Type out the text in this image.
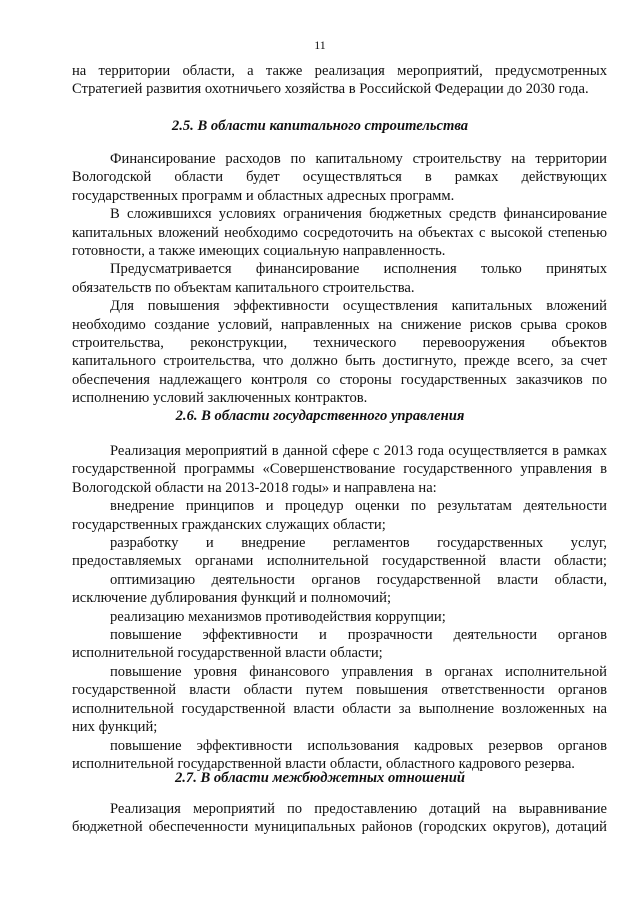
11
на территории области, а также реализация мероприятий, предусмотренных
Стратегией развития охотничьего хозяйства в Российской Федерации до 2030 года.
2.5. В области капитального строительства
Финансирование расходов по капитальному строительству на территории
Вологодской области будет осуществляться в рамках действующих
государственных программ и областных адресных программ.
В сложившихся условиях ограничения бюджетных средств финансирование
капитальных вложений необходимо сосредоточить на объектах с высокой степенью
готовности, а также имеющих социальную направленность.
Предусматривается финансирование исполнения только принятых
обязательств по объектам капитального строительства.
Для повышения эффективности осуществления капитальных вложений
необходимо создание условий, направленных на снижение рисков срыва сроков
строительства, реконструкции, технического перевооружения объектов
капитального строительства, что должно быть достигнуто, прежде всего, за счет
обеспечения надлежащего контроля со стороны государственных заказчиков по
исполнению условий заключенных контрактов.
2.6. В области государственного управления
Реализация мероприятий в данной сфере с 2013 года осуществляется в рамках
государственной программы «Совершенствование государственного управления в
Вологодской области на 2013-2018 годы» и направлена на:
внедрение принципов и процедур оценки по результатам деятельности
государственных гражданских служащих области;
разработку и внедрение регламентов государственных услуг,
предоставляемых органами исполнительной государственной власти области;
оптимизацию деятельности органов государственной власти области,
исключение дублирования функций и полномочий;
реализацию механизмов противодействия коррупции;
повышение эффективности и прозрачности деятельности органов
исполнительной государственной власти области;
повышение уровня финансового управления в органах исполнительной
государственной власти области путем повышения ответственности органов
исполнительной государственной власти области за выполнение возложенных на
них функций;
повышение эффективности использования кадровых резервов органов
исполнительной государственной власти области, областного кадрового резерва.
2.7. В области межбюджетных отношений
Реализация мероприятий по предоставлению дотаций на выравнивание
бюджетной обеспеченности муниципальных районов (городских округов), дотаций
